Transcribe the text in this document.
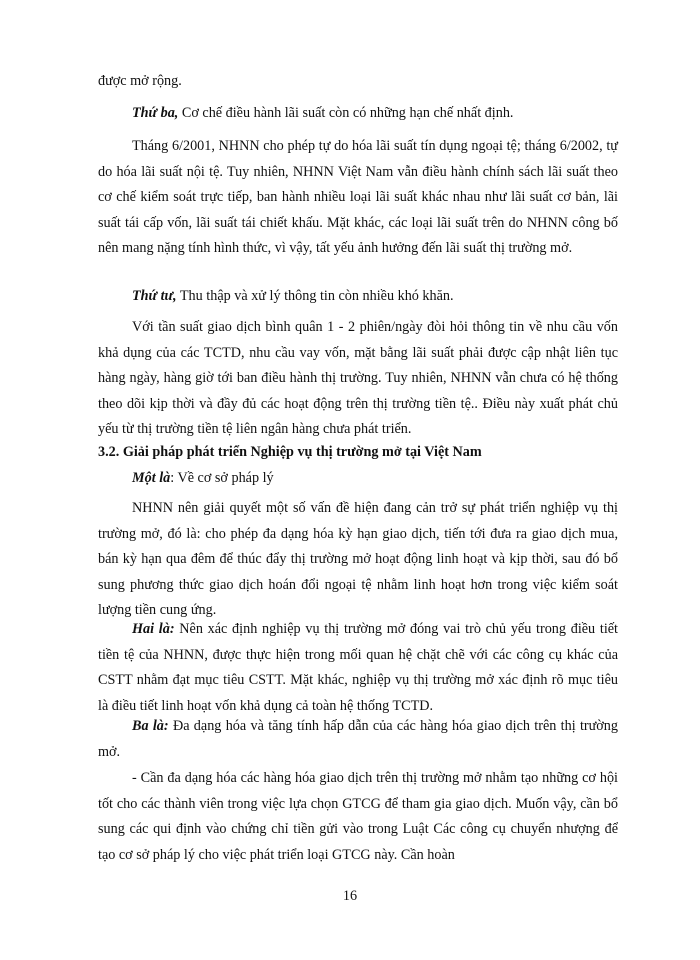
được mở rộng.

Thứ ba, Cơ chế điều hành lãi suất còn có những hạn chế nhất định.

Tháng 6/2001, NHNN cho phép tự do hóa lãi suất tín dụng ngoại tệ; tháng 6/2002, tự do hóa lãi suất nội tệ. Tuy nhiên, NHNN Việt Nam vẫn điều hành chính sách lãi suất theo cơ chế kiểm soát trực tiếp, ban hành nhiều loại lãi suất khác nhau như lãi suất cơ bản, lãi suất tái cấp vốn, lãi suất tái chiết khấu. Mặt khác, các loại lãi suất trên do NHNN công bố nên mang nặng tính hình thức, vì vậy, tất yếu ảnh hưởng đến lãi suất thị trường mở.

Thứ tư, Thu thập và xử lý thông tin còn nhiều khó khăn.

Với tần suất giao dịch bình quân 1 - 2 phiên/ngày đòi hỏi thông tin về nhu cầu vốn khả dụng của các TCTD, nhu cầu vay vốn, mặt bằng lãi suất phải được cập nhật liên tục hàng ngày, hàng giờ tới ban điều hành thị trường. Tuy nhiên, NHNN vẫn chưa có hệ thống theo dõi kịp thời và đầy đủ các hoạt động trên thị trường tiền tệ.. Điều này xuất phát chủ yếu từ thị trường tiền tệ liên ngân hàng chưa phát triển.

3.2. Giải pháp phát triển Nghiệp vụ thị trường mở tại Việt Nam

Một là: Về cơ sở pháp lý

NHNN nên giải quyết một số vấn đề hiện đang cản trở sự phát triển nghiệp vụ thị trường mở, đó là: cho phép đa dạng hóa kỳ hạn giao dịch, tiến tới đưa ra giao dịch mua, bán kỳ hạn qua đêm để thúc đẩy thị trường mở hoạt động linh hoạt và kịp thời, sau đó bổ sung phương thức giao dịch hoán đổi ngoại tệ nhằm linh hoạt hơn trong việc kiểm soát lượng tiền cung ứng.

Hai là: Nên xác định nghiệp vụ thị trường mở đóng vai trò chủ yếu trong điều tiết tiền tệ của NHNN, được thực hiện trong mối quan hệ chặt chẽ với các công cụ khác của CSTT nhằm đạt mục tiêu CSTT. Mặt khác, nghiệp vụ thị trường mở xác định rõ mục tiêu là điều tiết linh hoạt vốn khả dụng cả toàn hệ thống TCTD.

Ba là: Đa dạng hóa và tăng tính hấp dẫn của các hàng hóa giao dịch trên thị trường mở.

- Cần đa dạng hóa các hàng hóa giao dịch trên thị trường mở nhằm tạo những cơ hội tốt cho các thành viên trong việc lựa chọn GTCG để tham gia giao dịch. Muốn vậy, cần bổ sung các qui định vào chứng chỉ tiền gửi vào trong Luật Các công cụ chuyển nhượng để tạo cơ sở pháp lý cho việc phát triển loại GTCG này. Cần hoàn

16
